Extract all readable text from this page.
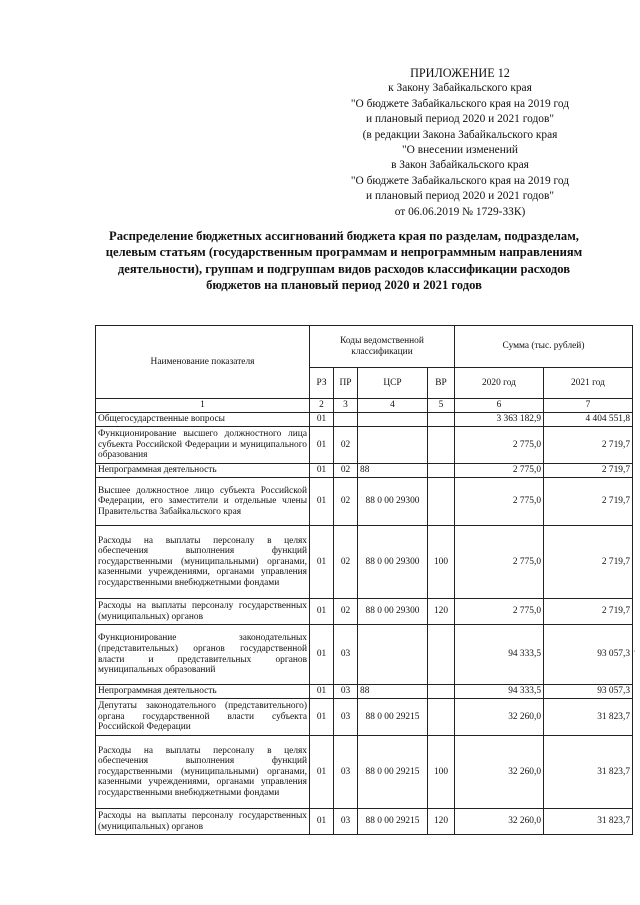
ПРИЛОЖЕНИЕ 12
к Закону Забайкальского края
"О бюджете Забайкальского края на 2019 год
и плановый период 2020 и 2021 годов"
(в редакции Закона Забайкальского края
"О внесении изменений
в Закон Забайкальского края
"О бюджете Забайкальского края на 2019 год
и плановый период 2020 и 2021 годов"
от 06.06.2019 № 1729-ЗЗК)
Распределение бюджетных ассигнований бюджета края по разделам, подразделам, целевым статьям (государственным программам и непрограммным направлениям деятельности), группам и подгруппам видов расходов классификации расходов бюджетов на плановый период 2020 и 2021 годов
Наименование показателя	Коды ведомственной классификации				Сумма (тыс. рублей)	
	РЗ	ПР	ЦСР	ВР	2020 год	2021 год
1	2	3	4	5	6	7
Общегосударственные вопросы	01				3 363 182,9	4 404 551,8
Функционирование высшего должностного лица субъекта Российской Федерации и муниципального образования	01	02			2 775,0	2 719,7
Непрограммная деятельность	01	02	88		2 775,0	2 719,7
Высшее должностное лицо субъекта Российской Федерации, его заместители и отдельные члены Правительства Забайкальского края	01	02	88 0 00 29300		2 775,0	2 719,7
Расходы на выплаты персоналу в целях обеспечения выполнения функций государственными (муниципальными) органами, казенными учреждениями, органами управления государственными внебюджетными фондами	01	02	88 0 00 29300	100	2 775,0	2 719,7
Расходы на выплаты персоналу государственных (муниципальных) органов	01	02	88 0 00 29300	120	2 775,0	2 719,7
Функционирование законодательных (представительных) органов государственной власти и представительных органов муниципальных образований	01	03			94 333,5	93 057,3
Непрограммная деятельность	01	03	88		94 333,5	93 057,3
Депутаты законодательного (представительного) органа государственной власти субъекта Российской Федерации	01	03	88 0 00 29215		32 260,0	31 823,7
Расходы на выплаты персоналу в целях обеспечения выполнения функций государственными (муниципальными) органами, казенными учреждениями, органами управления государственными внебюджетными фондами	01	03	88 0 00 29215	100	32 260,0	31 823,7
Расходы на выплаты персоналу государственных (муниципальных) органов	01	03	88 0 00 29215	120	32 260,0	31 823,7
·
